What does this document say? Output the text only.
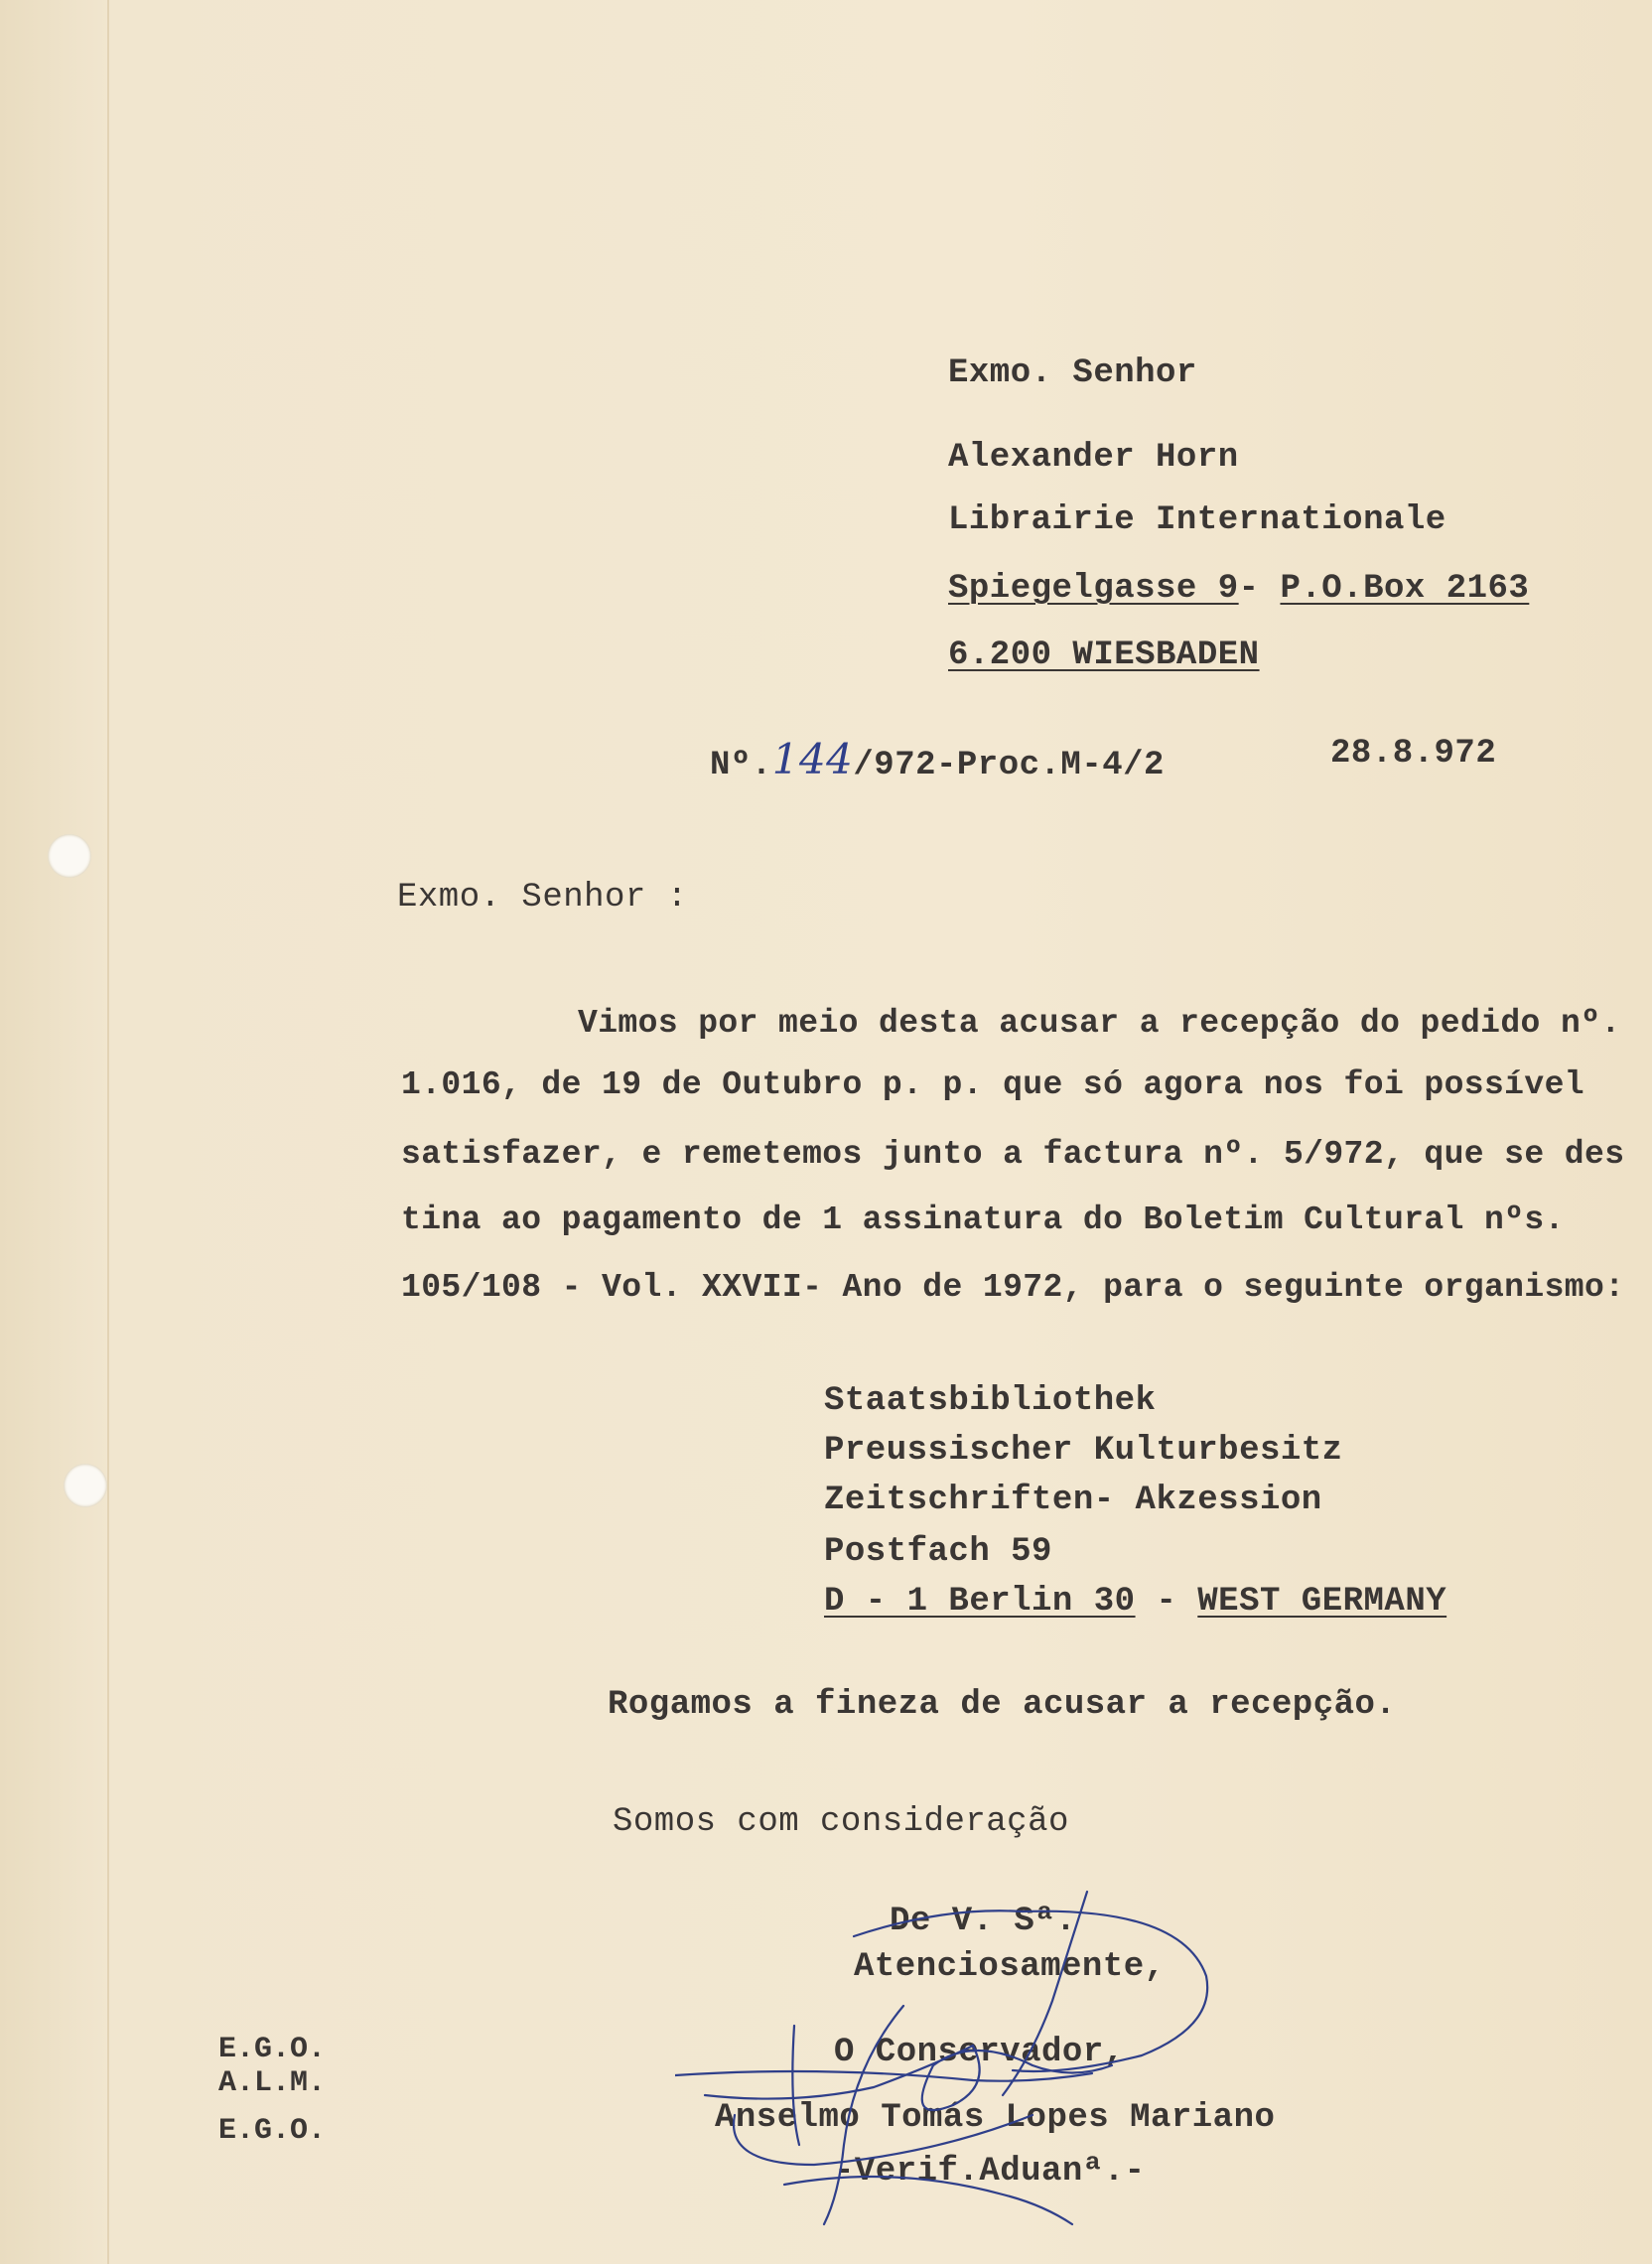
Exmo. Senhor
Alexander Horn
Librairie Internationale
Spiegelgasse 9- P.O.Box 2163
6.200 WIESBADEN
Nº.144/972-Proc.M-4/2	28.8.972
Exmo. Senhor :
Vimos por meio desta acusar a recepção do pedido nº.
1.016, de 19 de Outubro p. p. que só agora nos foi possível
satisfazer, e remetemos junto a factura nº. 5/972, que se des
tina ao pagamento de 1 assinatura do Boletim Cultural nºs.
105/108 - Vol. XXVII- Ano de 1972, para o seguinte organismo:
Staatsbibliothek
Preussischer Kulturbesitz
Zeitschriften- Akzession
Postfach 59
D - 1 Berlin 30 - WEST GERMANY
Rogamos a fineza de acusar a recepção.
Somos com consideração
De V. Sª.
Atenciosamente,
O Conservador,
Anselmo Tomás Lopes Mariano
-Verif.Aduanª.-
E.G.O.
A.L.M.
E.G.O.
